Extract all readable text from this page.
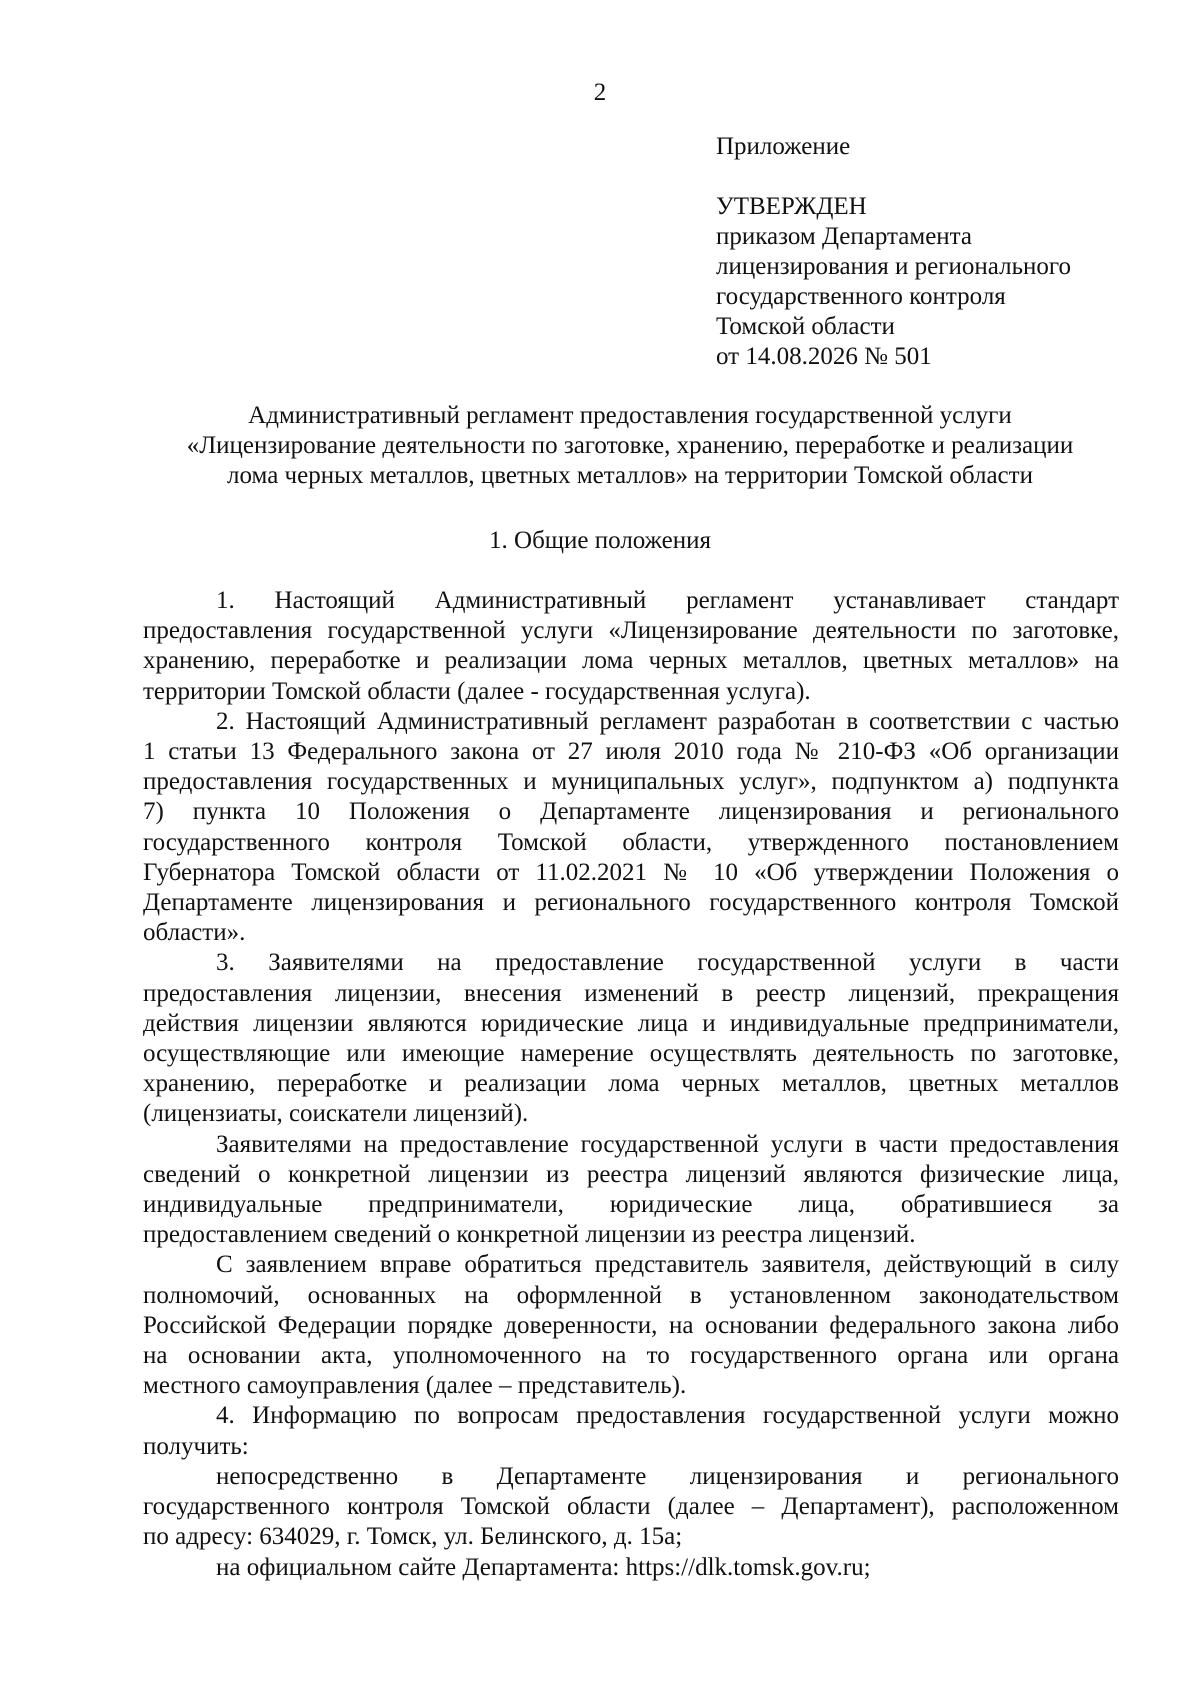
2
Приложение
УТВЕРЖДЕН
приказом Департамента
лицензирования и регионального
государственного контроля
Томской области
от 14.08.2026 № 501
Административный регламент предоставления государственной услуги
«Лицензирование деятельности по заготовке, хранению, переработке и реализации
лома черных металлов, цветных металлов» на территории Томской области
1. Общие положения
1. Настоящий Административный регламент устанавливает стандарт
предоставления государственной услуги «Лицензирование деятельности по заготовке,
хранению, переработке и реализации лома черных металлов, цветных металлов» на
территории Томской области (далее - государственная услуга).
2. Настоящий Административный регламент разработан в соответствии с частью
1 статьи 13 Федерального закона от 27 июля 2010 года № 210-ФЗ «Об организации
предоставления государственных и муниципальных услуг», подпунктом а) подпункта
7) пункта 10 Положения о Департаменте лицензирования и регионального
государственного контроля Томской области, утвержденного постановлением
Губернатора Томской области от 11.02.2021 № 10 «Об утверждении Положения о
Департаменте лицензирования и регионального государственного контроля Томской
области».
3. Заявителями на предоставление государственной услуги в части
предоставления лицензии, внесения изменений в реестр лицензий, прекращения
действия лицензии являются юридические лица и индивидуальные предприниматели,
осуществляющие или имеющие намерение осуществлять деятельность по заготовке,
хранению, переработке и реализации лома черных металлов, цветных металлов
(лицензиаты, соискатели лицензий).
Заявителями на предоставление государственной услуги в части предоставления
сведений о конкретной лицензии из реестра лицензий являются физические лица,
индивидуальные предприниматели, юридические лица, обратившиеся за
предоставлением сведений о конкретной лицензии из реестра лицензий.
С заявлением вправе обратиться представитель заявителя, действующий в силу
полномочий, основанных на оформленной в установленном законодательством
Российской Федерации порядке доверенности, на основании федерального закона либо
на основании акта, уполномоченного на то государственного органа или органа
местного самоуправления (далее – представитель).
4. Информацию по вопросам предоставления государственной услуги можно
получить:
непосредственно в Департаменте лицензирования и регионального
государственного контроля Томской области (далее – Департамент), расположенном
по адресу: 634029, г. Томск, ул. Белинского, д. 15а;
на официальном сайте Департамента: https://dlk.tomsk.gov.ru;
